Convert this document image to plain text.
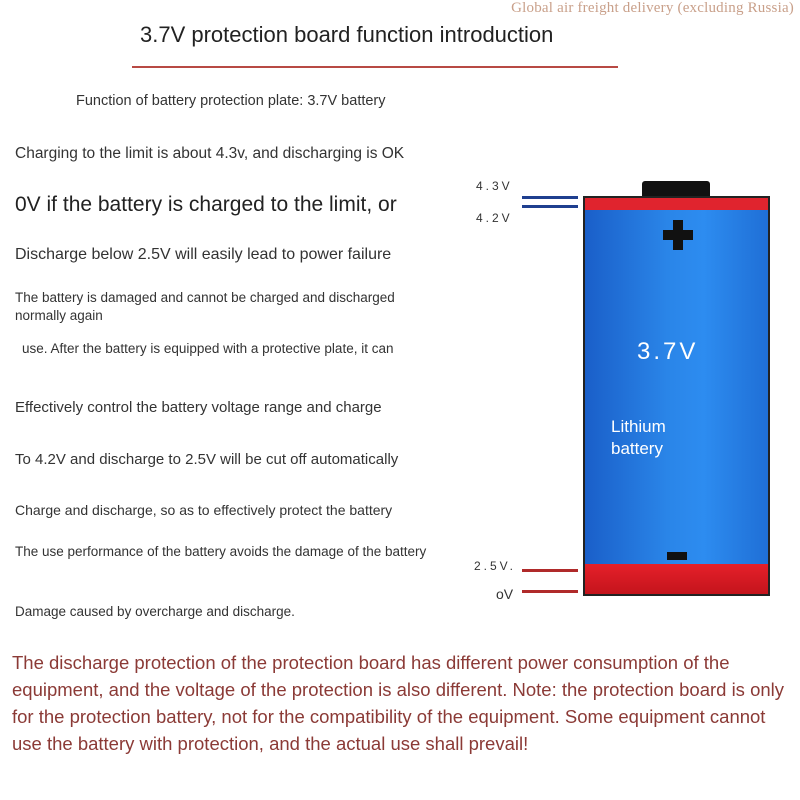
Global air freight delivery (excluding Russia)
3.7V protection board function introduction
Function of battery protection plate: 3.7V battery
Charging to the limit is about 4.3v, and discharging is OK
0V if the battery is charged to the limit, or
Discharge below 2.5V will easily lead to power failure
The battery is damaged and cannot be charged and discharged normally again
use. After the battery is equipped with a protective plate, it can
Effectively control the battery voltage range and charge
To 4.2V and discharge to 2.5V will be cut off automatically
Charge and discharge, so as to effectively protect the battery
The use performance of the battery avoids the damage of the battery
Damage caused by overcharge and discharge.
3.7V
Lithium
battery
4.3V
4.2V
2.5V.
oV
The discharge protection of the protection board has different power consumption of the equipment, and the voltage of the protection is also different. Note: the protection board is only for the protection battery, not for the compatibility of the equipment. Some equipment cannot use the battery with protection, and the actual use shall prevail!
